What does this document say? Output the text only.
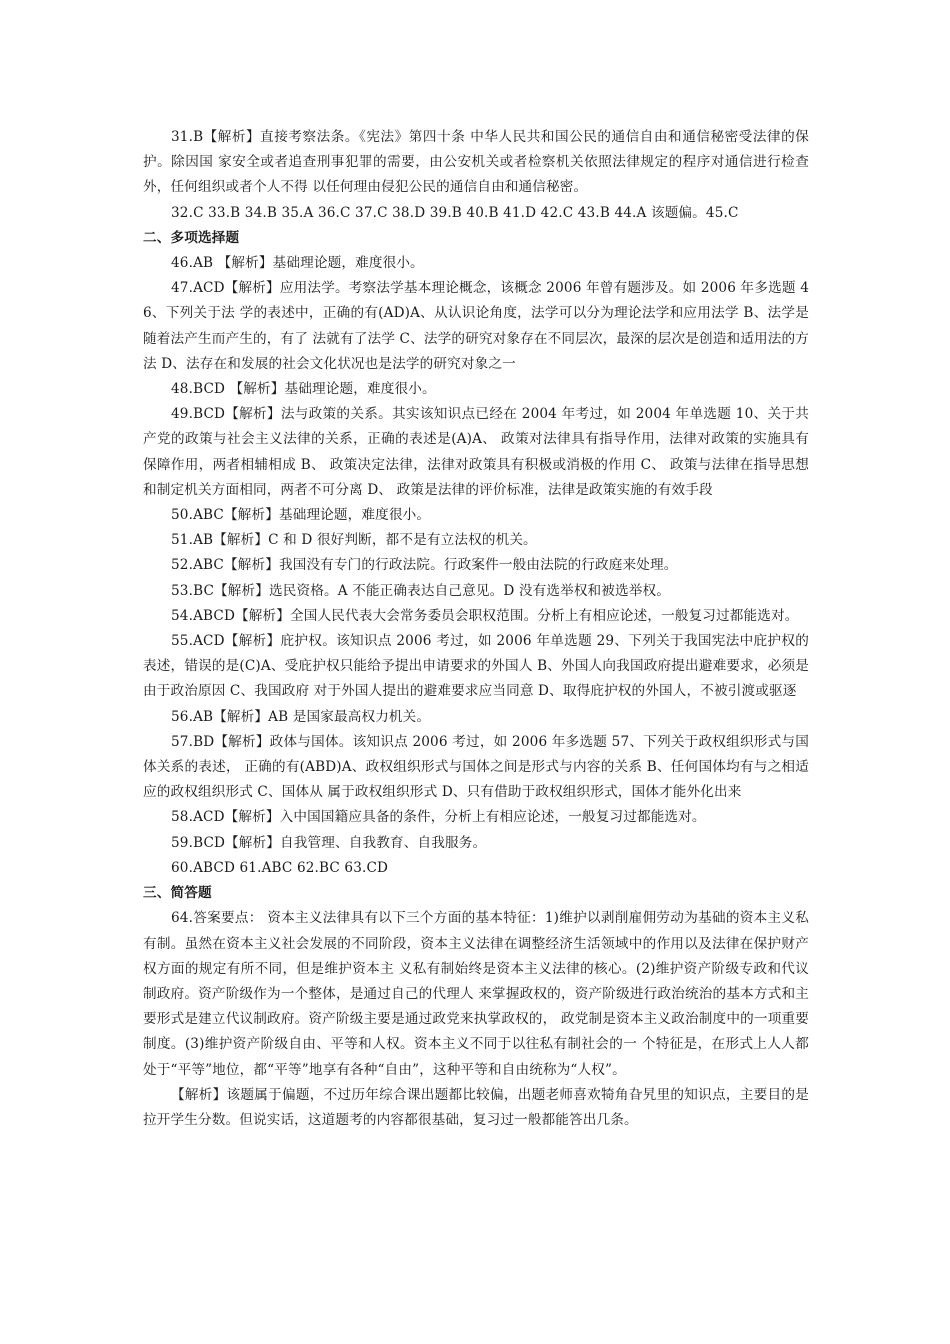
31.B【解析】直接考察法条。《宪法》第四十条 中华人民共和国公民的通信自由和通信秘密受法律的保护。除因国 家安全或者追查刑事犯罪的需要，由公安机关或者检察机关依照法律规定的程序对通信进行检查外，任何组织或者个人不得 以任何理由侵犯公民的通信自由和通信秘密。

32.C 33.B 34.B 35.A 36.C 37.C 38.D 39.B 40.B 41.D 42.C 43.B 44.A 该题偏。45.C

二、多项选择题

46.AB 【解析】基础理论题，难度很小。

47.ACD【解析】应用法学。考察法学基本理论概念，该概念 2006 年曾有题涉及。如 2006 年多选题 46、下列关于法 学的表述中，正确的有(AD)A、从认识论角度，法学可以分为理论法学和应用法学 B、法学是随着法产生而产生的，有了 法就有了法学 C、法学的研究对象存在不同层次，最深的层次是创造和适用法的方法 D、法存在和发展的社会文化状况也是法学的研究对象之一

48.BCD 【解析】基础理论题，难度很小。

49.BCD【解析】法与政策的关系。其实该知识点已经在 2004 年考过，如 2004 年单选题 10、关于共产党的政策与社会主义法律的关系，正确的表述是(A)A、 政策对法律具有指导作用，法律对政策的实施具有保障作用，两者相辅相成 B、 政策决定法律，法律对政策具有积极或消极的作用 C、 政策与法律在指导思想和制定机关方面相同，两者不可分离 D、 政策是法律的评价标准，法律是政策实施的有效手段

50.ABC【解析】基础理论题，难度很小。

51.AB【解析】C 和 D 很好判断，都不是有立法权的机关。

52.ABC【解析】我国没有专门的行政法院。行政案件一般由法院的行政庭来处理。

53.BC【解析】选民资格。A 不能正确表达自己意见。D 没有选举权和被选举权。

54.ABCD【解析】全国人民代表大会常务委员会职权范围。分析上有相应论述，一般复习过都能选对。

55.ACD【解析】庇护权。该知识点 2006 考过，如 2006 年单选题 29、下列关于我国宪法中庇护权的表述，错误的是(C)A、受庇护权只能给予提出申请要求的外国人 B、外国人向我国政府提出避难要求，必须是由于政治原因 C、我国政府 对于外国人提出的避难要求应当同意 D、取得庇护权的外国人，不被引渡或驱逐

56.AB【解析】AB 是国家最高权力机关。

57.BD【解析】政体与国体。该知识点 2006 考过，如 2006 年多选题 57、下列关于政权组织形式与国体关系的表述， 正确的有(ABD)A、政权组织形式与国体之间是形式与内容的关系 B、任何国体均有与之相适应的政权组织形式 C、国体从 属于政权组织形式 D、只有借助于政权组织形式，国体才能外化出来

58.ACD【解析】入中国国籍应具备的条件，分析上有相应论述，一般复习过都能选对。

59.BCD【解析】自我管理、自我教育、自我服务。

60.ABCD 61.ABC 62.BC 63.CD

三、简答题

64.答案要点： 资本主义法律具有以下三个方面的基本特征：1)维护以剥削雇佣劳动为基础的资本主义私有制。虽然在资本主义社会发展的不同阶段，资本主义法律在调整经济生活领域中的作用以及法律在保护财产权方面的规定有所不同，但是维护资本主 义私有制始终是资本主义法律的核心。(2)维护资产阶级专政和代议制政府。资产阶级作为一个整体，是通过自己的代理人 来掌握政权的，资产阶级进行政治统治的基本方式和主要形式是建立代议制政府。资产阶级主要是通过政党来执掌政权的， 政党制是资本主义政治制度中的一项重要制度。(3)维护资产阶级自由、平等和人权。资本主义不同于以往私有制社会的一 个特征是，在形式上人人都处于“平等”地位，都“平等”地享有各种“自由”，这种平等和自由统称为“人权”。

【解析】该题属于偏题，不过历年综合课出题都比较偏，出题老师喜欢犄角旮旯里的知识点，主要目的是拉开学生分数。但说实话，这道题考的内容都很基础，复习过一般都能答出几条。
